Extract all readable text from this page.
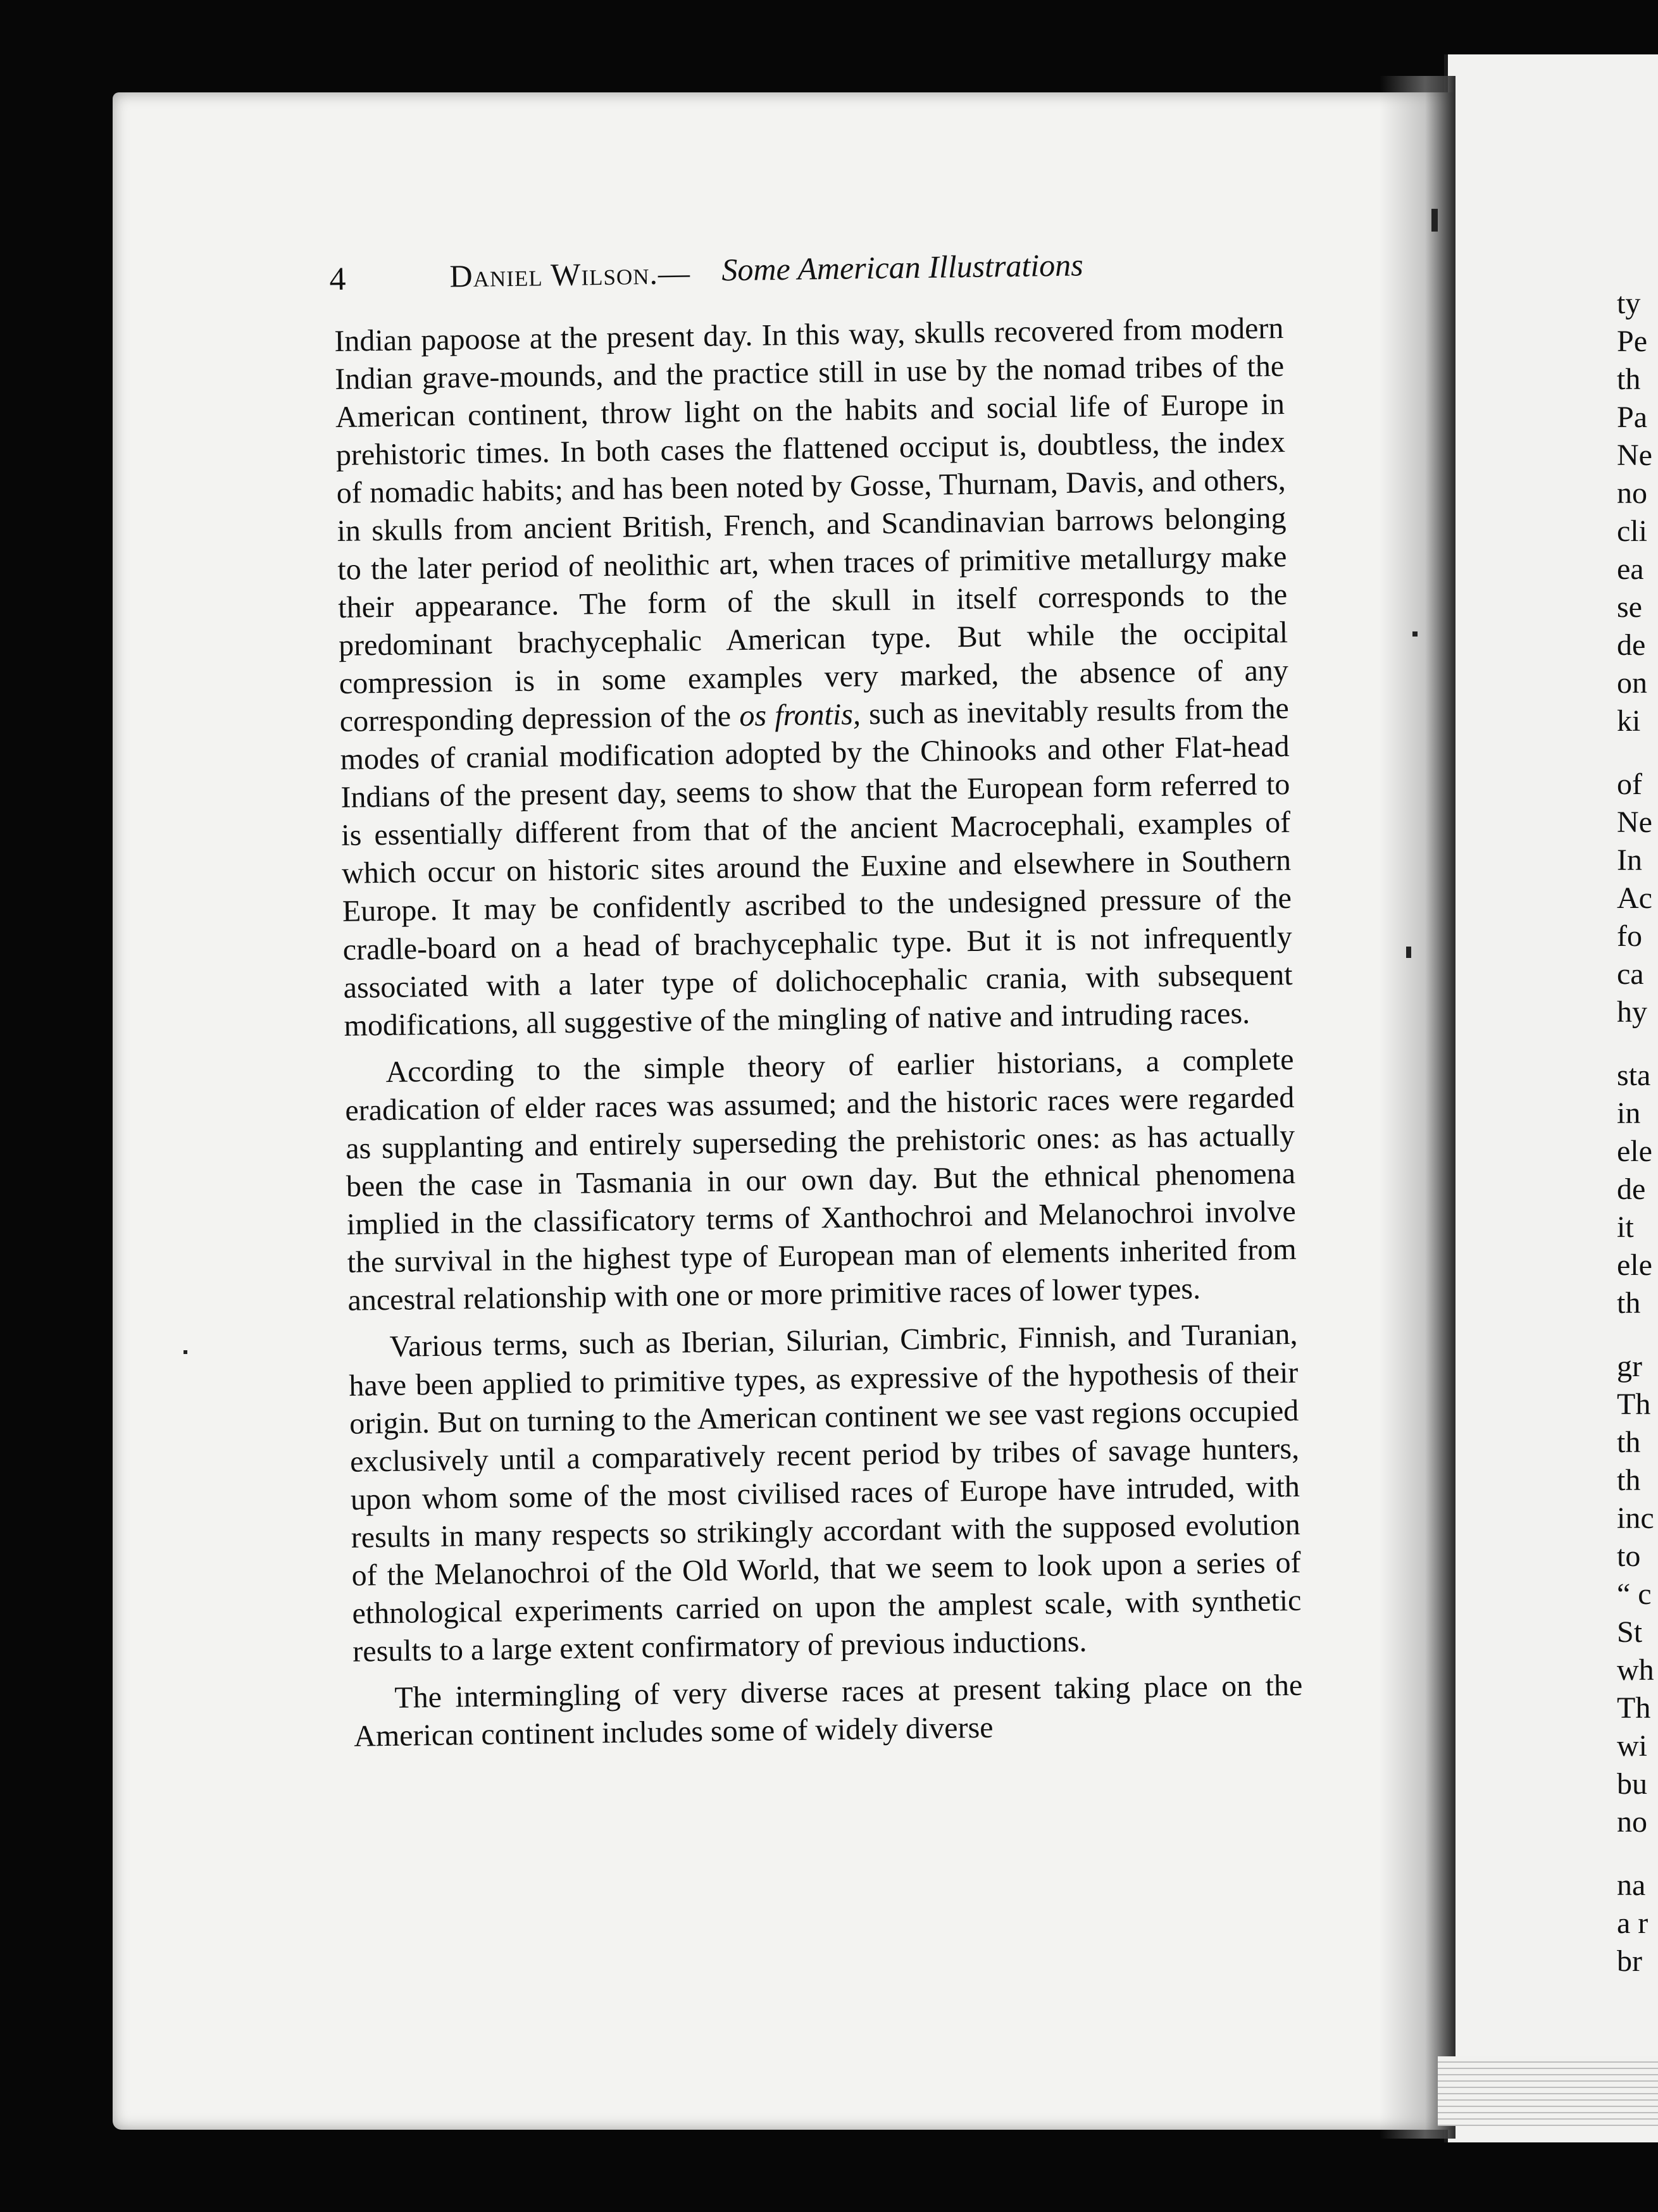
4	Daniel Wilson.— Some American Illustrations

Indian papoose at the present day. In this way, skulls recovered from modern Indian grave-mounds, and the practice still in use by the nomad tribes of the American continent, throw light on the habits and social life of Europe in prehistoric times. In both cases the flattened occiput is, doubtless, the index of nomadic habits; and has been noted by Gosse, Thurnam, Davis, and others, in skulls from ancient British, French, and Scandinavian barrows belonging to the later period of neolithic art, when traces of primitive metallurgy make their appearance. The form of the skull in itself corresponds to the predominant brachycephalic American type. But while the occipital compression is in some examples very marked, the absence of any corresponding depression of the os frontis, such as inevitably results from the modes of cranial modification adopted by the Chinooks and other Flat-head Indians of the present day, seems to show that the European form referred to is essentially different from that of the ancient Macrocephali, examples of which occur on historic sites around the Euxine and elsewhere in Southern Europe. It may be confidently ascribed to the undesigned pressure of the cradle-board on a head of brachycephalic type. But it is not infrequently associated with a later type of dolichocephalic crania, with subsequent modifications, all suggestive of the mingling of native and intruding races.

According to the simple theory of earlier historians, a complete eradication of elder races was assumed; and the historic races were regarded as supplanting and entirely superseding the prehistoric ones: as has actually been the case in Tasmania in our own day. But the ethnical phenomena implied in the classificatory terms of Xanthochroi and Melanochroi involve the survival in the highest type of European man of elements inherited from ancestral relationship with one or more primitive races of lower types.

Various terms, such as Iberian, Silurian, Cimbric, Finnish, and Turanian, have been applied to primitive types, as expressive of the hypothesis of their origin. But on turning to the American continent we see vast regions occupied exclusively until a comparatively recent period by tribes of savage hunters, upon whom some of the most civilised races of Europe have intruded, with results in many respects so strikingly accordant with the supposed evolution of the Melanochroi of the Old World, that we seem to look upon a series of ethnological experiments carried on upon the amplest scale, with synthetic results to a large extent confirmatory of previous inductions.

The intermingling of very diverse races at present taking place on the American continent includes some of widely diverse

ty
Pe
th
Pa
Ne
no
cli
ea
se
de
on
ki
of
Ne
In
Ac
fo
ca
hy
sta
in
ele
de
it
ele
th
gr
Th
th
th
inc
to
“ c
St
wh
Th
wi
bu
no
na
a r
br
